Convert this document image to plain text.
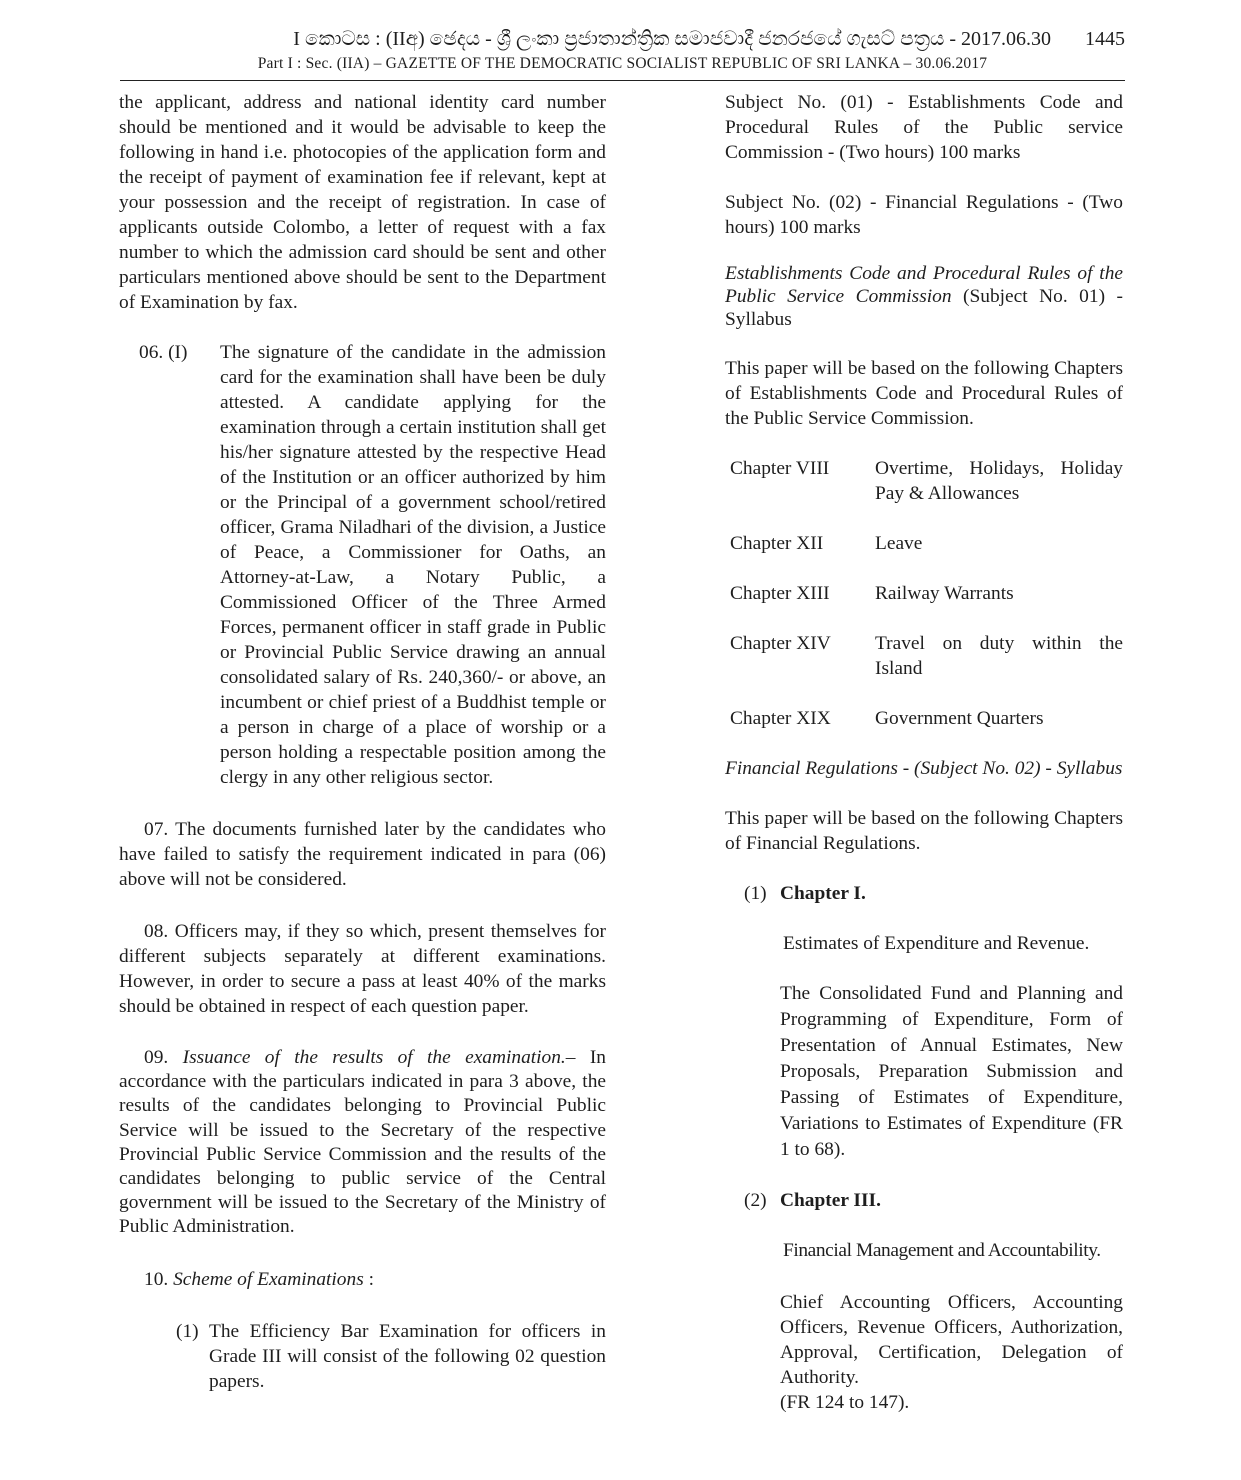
I කොටස : (IIඅ) ඡෙදය - ශ්‍රී ලංකා ප්‍රජාතාන්ත්‍රික සමාජවාදී ජනරජයේ ගැසට් පත්‍රය - 2017.06.30 1445
Part I : Sec. (IIA) – GAZETTE OF THE DEMOCRATIC SOCIALIST REPUBLIC OF SRI LANKA – 30.06.2017

the applicant, address and national identity card number should be mentioned and it would be advisable to keep the following in hand i.e. photocopies of the application form and the receipt of payment of examination fee if relevant, kept at your possession and the receipt of registration. In case of applicants outside Colombo, a letter of request with a fax number to which the admission card should be sent and other particulars mentioned above should be sent to the Department of Examination by fax.

06. (I)	The signature of the candidate in the admission card for the examination shall have been be duly attested. A candidate applying for the examination through a certain institution shall get his/her signature attested by the respective Head of the Institution or an officer authorized by him or the Principal of a government school/retired officer, Grama Niladhari of the division, a Justice of Peace, a Commissioner for Oaths, an Attorney-at-Law, a Notary Public, a Commissioned Officer of the Three Armed Forces, permanent officer in staff grade in Public or Provincial Public Service drawing an annual consolidated salary of Rs. 240,360/- or above, an incumbent or chief priest of a Buddhist temple or a person in charge of a place of worship or a person holding a respectable position among the clergy in any other religious sector.

07. The documents furnished later by the candidates who have failed to satisfy the requirement indicated in para (06) above will not be considered.

08. Officers may, if they so which, present themselves for different subjects separately at different examinations. However, in order to secure a pass at least 40% of the marks should be obtained in respect of each question paper.

09. Issuance of the results of the examination.– In accordance with the particulars indicated in para 3 above, the results of the candidates belonging to Provincial Public Service will be issued to the Secretary of the respective Provincial Public Service Commission and the results of the candidates belonging to public service of the Central government will be issued to the Secretary of the Ministry of Public Administration.

10. Scheme of Examinations :

(1) The Efficiency Bar Examination for officers in Grade III will consist of the following 02 question papers.

Subject No. (01) - Establishments Code and Procedural Rules of the Public service Commission - (Two hours) 100 marks

Subject No. (02) - Financial Regulations - (Two hours) 100 marks

Establishments Code and Procedural Rules of the Public Service Commission (Subject No. 01) - Syllabus

This paper will be based on the following Chapters of Establishments Code and Procedural Rules of the Public Service Commission.

Chapter VIII	Overtime, Holidays, Holiday Pay & Allowances

Chapter XII	Leave

Chapter XIII	Railway Warrants

Chapter XIV	Travel on duty within the Island

Chapter XIX	Government Quarters

Financial Regulations - (Subject No. 02) - Syllabus

This paper will be based on the following Chapters of Financial Regulations.

(1) Chapter I.

Estimates of Expenditure and Revenue.

The Consolidated Fund and Planning and Programming of Expenditure, Form of Presentation of Annual Estimates, New Proposals, Preparation Submission and Passing of Estimates of Expenditure, Variations to Estimates of Expenditure (FR 1 to 68).

(2) Chapter III.

Financial Management and Accountability.

Chief Accounting Officers, Accounting Officers, Revenue Officers, Authorization, Approval, Certification, Delegation of Authority.

(FR 124 to 147).
